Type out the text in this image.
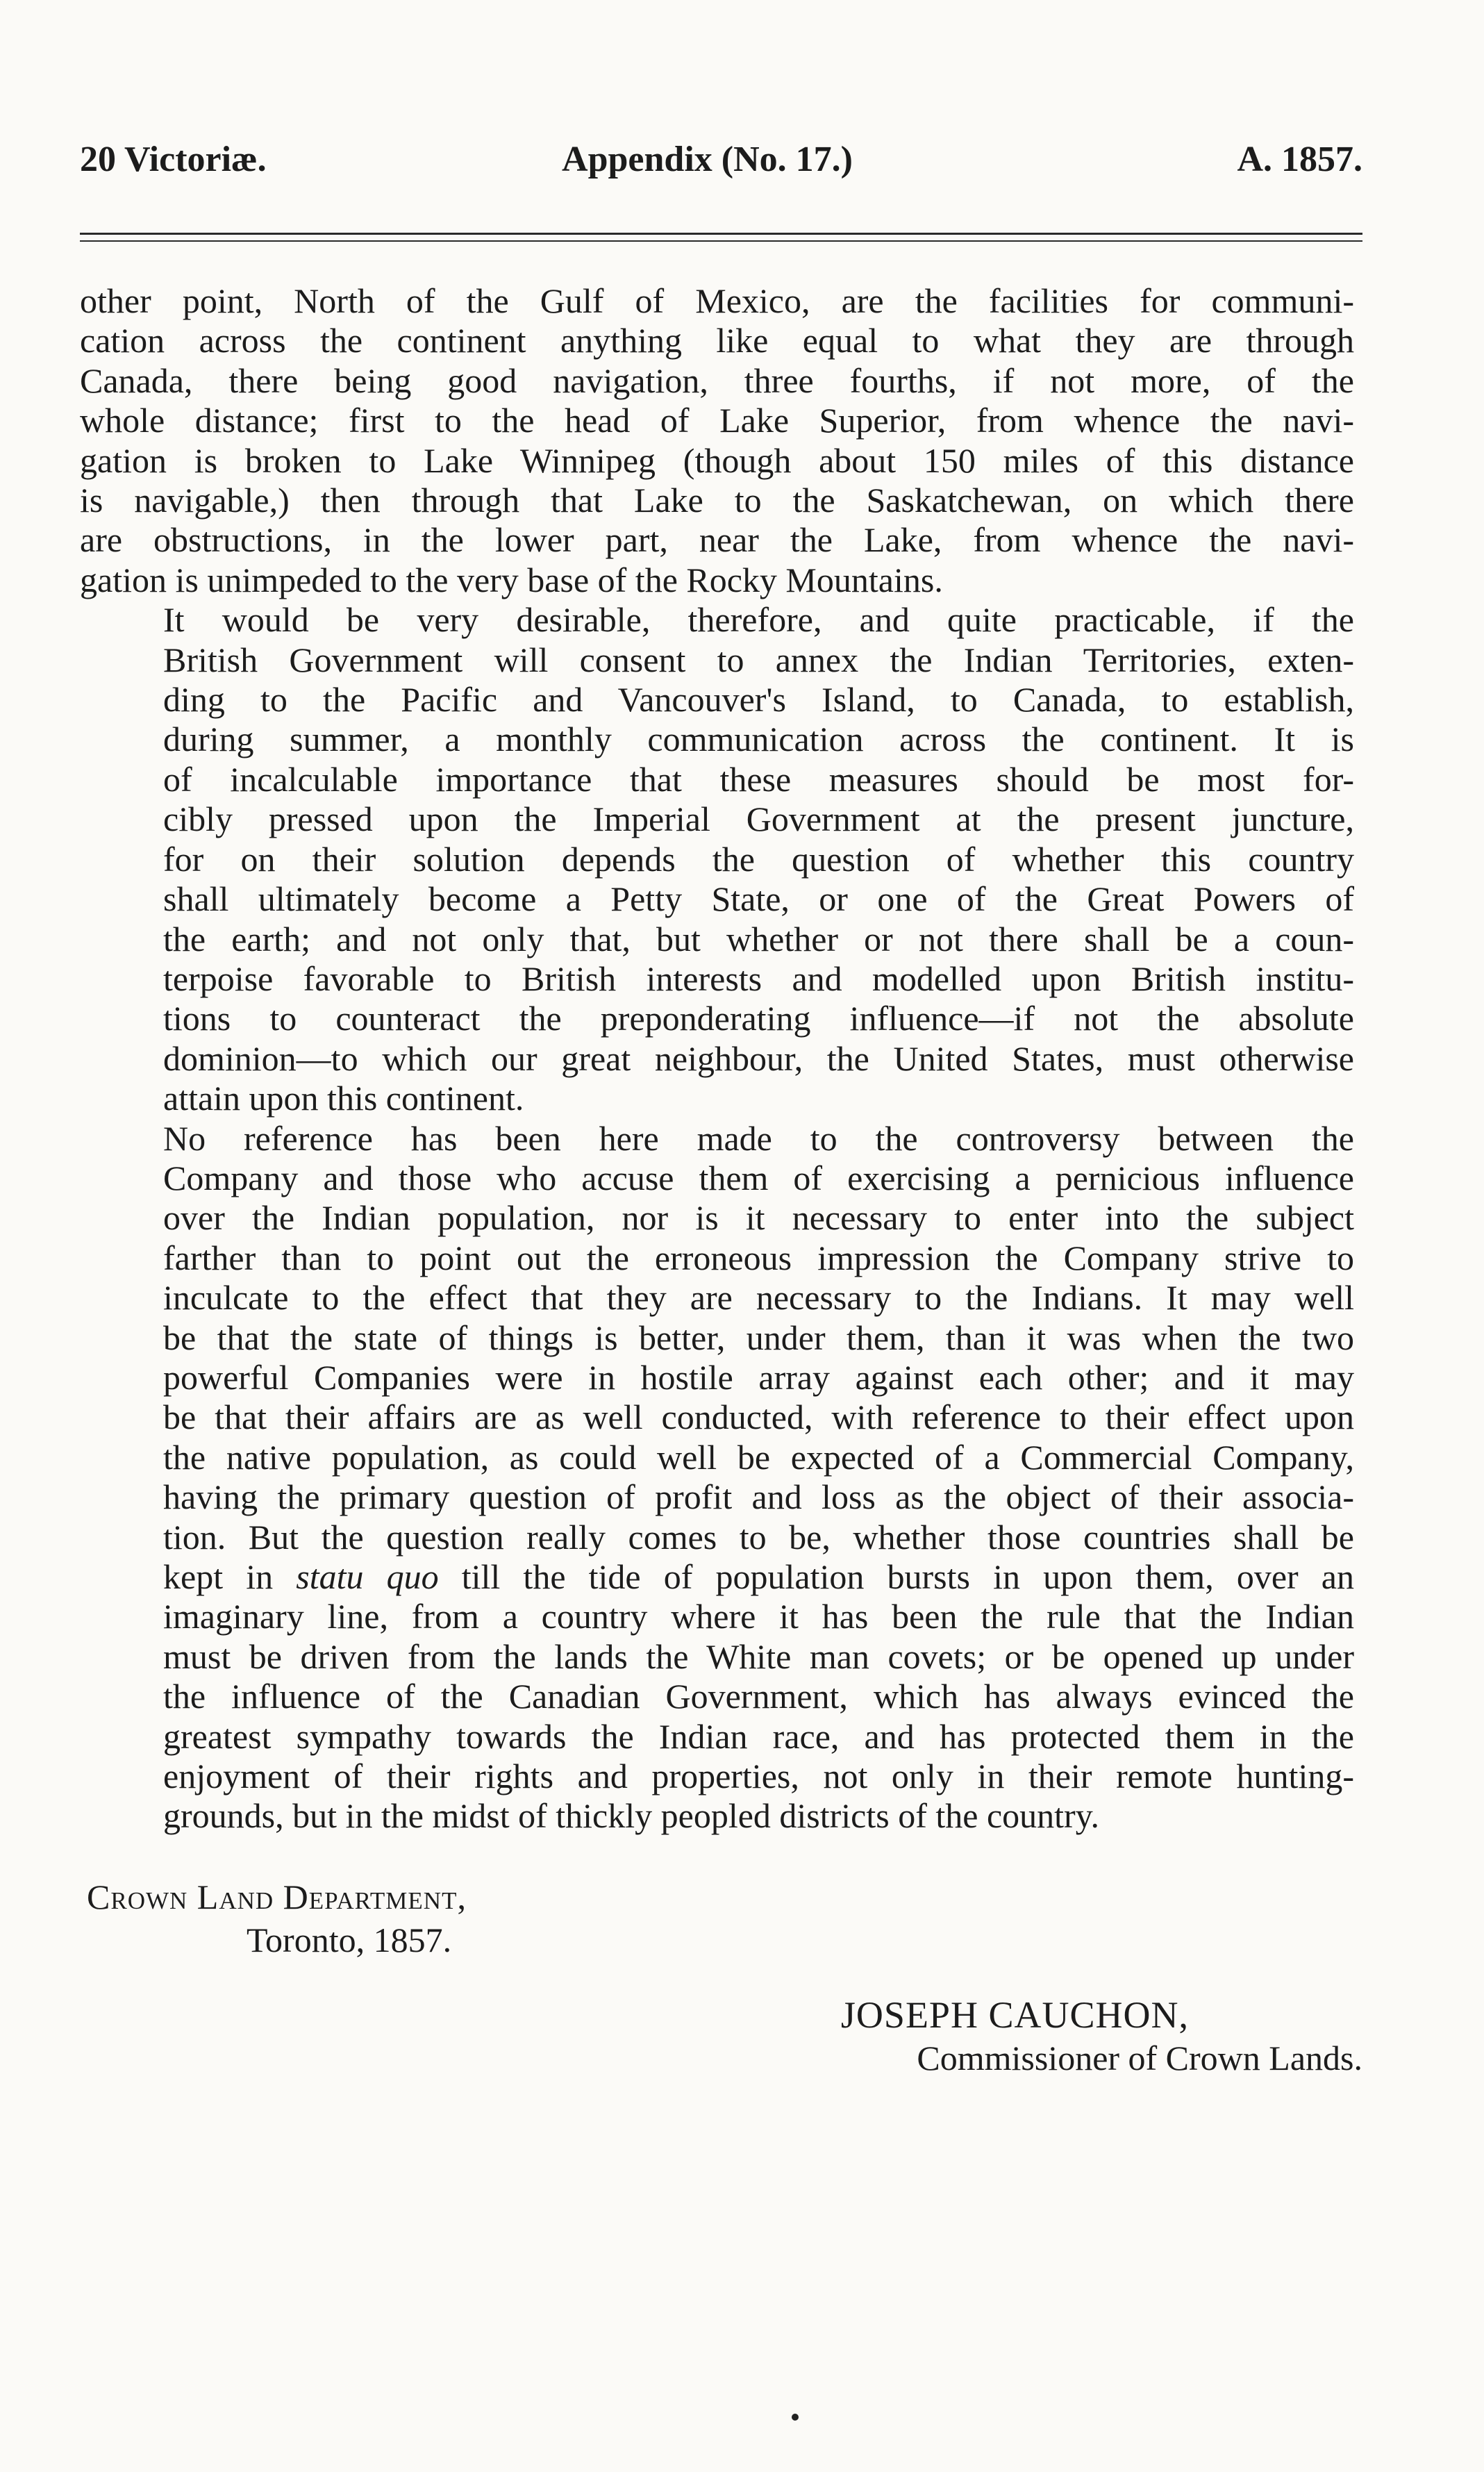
20 Victoriæ.	Appendix (No. 17.)	A. 1857.

other point, North of the Gulf of Mexico, are the facilities for communi-
cation across the continent anything like equal to what they are through
Canada, there being good navigation, three fourths, if not more, of the
whole distance; first to the head of Lake Superior, from whence the navi-
gation is broken to Lake Winnipeg (though about 150 miles of this distance
is navigable,) then through that Lake to the Saskatchewan, on which there
are obstructions, in the lower part, near the Lake, from whence the navi-
gation is unimpeded to the very base of the Rocky Mountains.

It would be very desirable, therefore, and quite practicable, if the
British Government will consent to annex the Indian Territories, exten-
ding to the Pacific and Vancouver's Island, to Canada, to establish,
during summer, a monthly communication across the continent. It is
of incalculable importance that these measures should be most for-
cibly pressed upon the Imperial Government at the present juncture,
for on their solution depends the question of whether this country
shall ultimately become a Petty State, or one of the Great Powers of
the earth; and not only that, but whether or not there shall be a coun-
terpoise favorable to British interests and modelled upon British institu-
tions to counteract the preponderating influence—if not the absolute
dominion—to which our great neighbour, the United States, must otherwise
attain upon this continent.

No reference has been here made to the controversy between the
Company and those who accuse them of exercising a pernicious influence
over the Indian population, nor is it necessary to enter into the subject
farther than to point out the erroneous impression the Company strive to
inculcate to the effect that they are necessary to the Indians. It may well
be that the state of things is better, under them, than it was when the two
powerful Companies were in hostile array against each other; and it may
be that their affairs are as well conducted, with reference to their effect upon
the native population, as could well be expected of a Commercial Company,
having the primary question of profit and loss as the object of their associa-
tion. But the question really comes to be, whether those countries shall be
kept in statu quo till the tide of population bursts in upon them, over an
imaginary line, from a country where it has been the rule that the Indian
must be driven from the lands the White man covets; or be opened up under
the influence of the Canadian Government, which has always evinced the
greatest sympathy towards the Indian race, and has protected them in the
enjoyment of their rights and properties, not only in their remote hunting-
grounds, but in the midst of thickly peopled districts of the country.

Crown Land Department,
Toronto, 1857.
JOSEPH CAUCHON,
Commissioner of Crown Lands.
